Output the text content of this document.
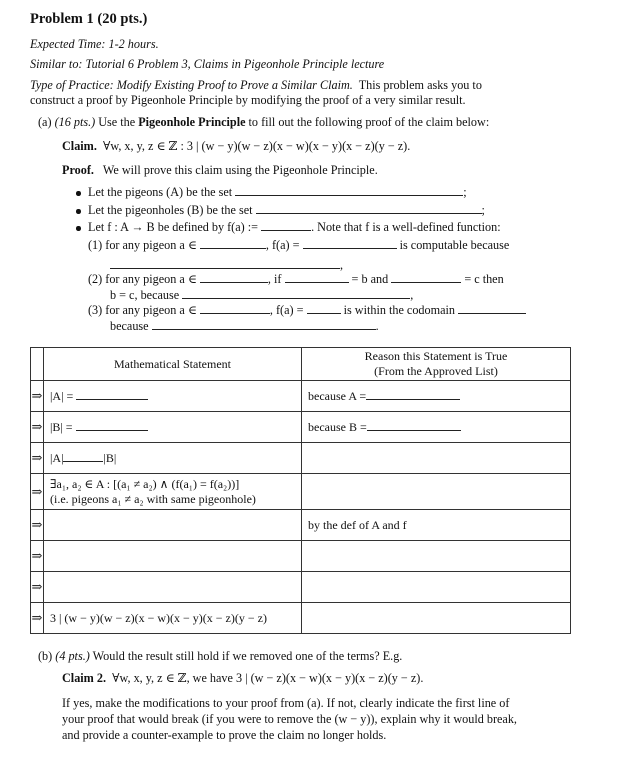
Problem 1 (20 pts.)
Expected Time: 1-2 hours.
Similar to: Tutorial 6 Problem 3, Claims in Pigeonhole Principle lecture
Type of Practice: Modify Existing Proof to Prove a Similar Claim. This problem asks you to
construct a proof by Pigeonhole Principle by modifying the proof of a very similar result.
(a) (16 pts.) Use the Pigeonhole Principle to fill out the following proof of the claim below:
Claim. ∀w, x, y, z ∈ ℤ : 3 | (w − y)(w − z)(x − w)(x − y)(x − z)(y − z).
Proof. We will prove this claim using the Pigeonhole Principle.
Let the pigeons (A) be the set	;
Let the pigeonholes (B) be the set	;
Let f : A → B be defined by f(a) :=	. Note that f is a well-defined function:
(1) for any pigeon a ∈	, f(a) =	is computable because
,
(2) for any pigeon a ∈	, if	= b and	= c then
b = c, because	,
(3) for any pigeon a ∈	, f(a) =	is within the codomain
because	.
	Mathematical Statement	Reason this Statement is True
(From the Approved List)

⇒	|A| =	because A =
⇒	|B| =	because B =
⇒	|A| |B|	
⇒	∃a₁, a₂ ∈ A : [(a₁ ≠ a₂) ∧ (f(a₁) = f(a₂))]
(i.e. pigeons a₁ ≠ a₂ with same pigeonhole)	

⇒		by the def of A and f
⇒		
⇒		
⇒	3 | (w − y)(w − z)(x − w)(x − y)(x − z)(y − z)	
(b) (4 pts.) Would the result still hold if we removed one of the terms? E.g.
Claim 2. ∀w, x, y, z ∈ ℤ, we have 3 | (w − z)(x − w)(x − y)(x − z)(y − z).
If yes, make the modifications to your proof from (a). If not, clearly indicate the first line of
your proof that would break (if you were to remove the (w − y)), explain why it would break,
and provide a counter-example to prove the claim no longer holds.
